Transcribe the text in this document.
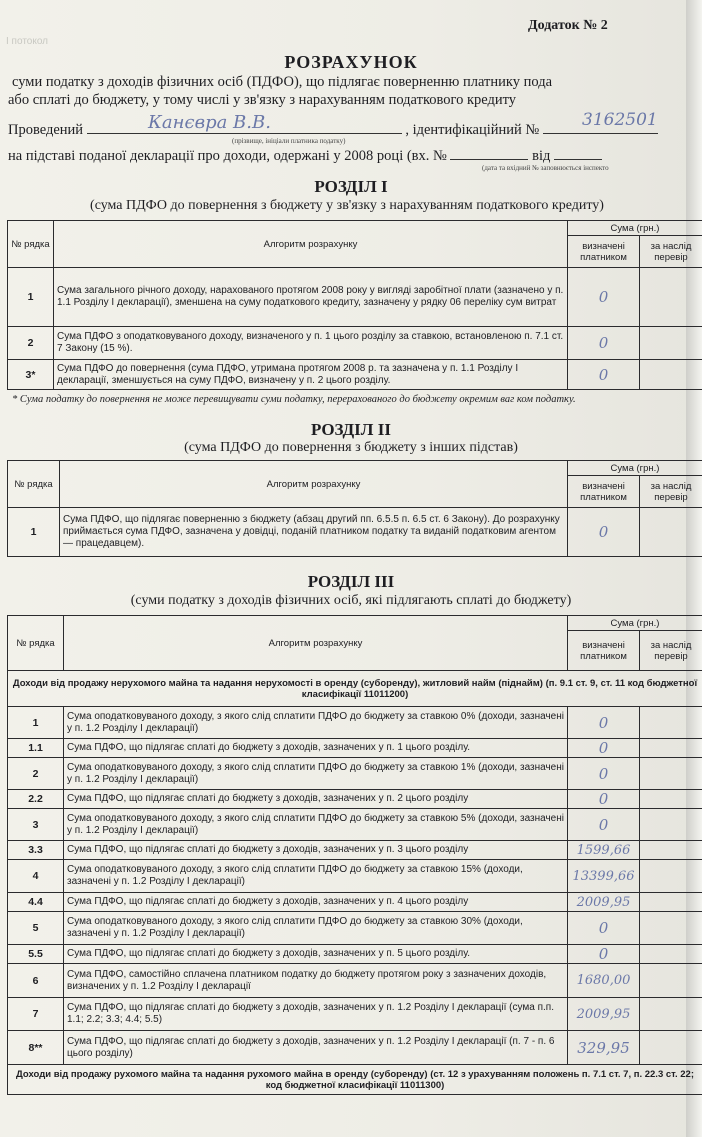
І потокол
Додаток № 2
РОЗРАХУНОК
суми податку з доходів фізичних осіб (ПДФО), що підлягає поверненню платнику пода
або сплаті до бюджету, у тому числі у зв'язку з нарахуванням податкового кредиту
Проведений	, ідентифікаційний №
Канєвра В.В.	3162501
(прізвище, ініціали платника податку)
на підставі поданої декларації про доходи, одержані у 2008 році (вх. №	від
(дата та вхідний № заповнюється інспекто
РОЗДІЛ І
(сума ПДФО до повернення з бюджету у зв'язку з нарахуванням податкового кредиту)
№ рядка	Алгоритм розрахунку	Сума (грн.)	
		визначені платником	за наслід перевір
1	Сума загального річного доходу, нарахованого протягом 2008 року у вигляді заробітної плати (зазначено у п. 1.1 Розділу І декларації), зменшена на суму податкового кредиту, зазначену у рядку 06 переліку сум витрат	0	
2	Сума ПДФО з оподатковуваного доходу, визначеного у п. 1 цього розділу за ставкою, встановленою п. 7.1 ст. 7 Закону (15 %).	0	
3*	Сума ПДФО до повернення (сума ПДФО, утримана протягом 2008 р. та зазначена у п. 1.1 Розділу І декларації, зменшується на суму ПДФО, визначену у п. 2 цього розділу.	0	
* Сума податку до повернення не може перевищувати суми податку, перерахованого до бюджету окремим ваг ком податку.
РОЗДІЛ ІІ
(сума ПДФО до повернення з бюджету з інших підстав)
№ рядка	Алгоритм розрахунку	Сума (грн.)	
		визначені платником	за наслід перевір
1	Сума ПДФО, що підлягає поверненню з бюджету (абзац другий пп. 6.5.5 п. 6.5 ст. 6 Закону). До розрахунку приймається сума ПДФО, зазначена у довідці, поданій платником податку та виданій податковим агентом — працедавцем).	0	
РОЗДІЛ ІІІ
(суми податку з доходів фізичних осіб, які підлягають сплаті до бюджету)
№ рядка	Алгоритм розрахунку	Сума (грн.)	
		визначені платником	за наслід перевір
Доходи від продажу нерухомого майна та надання нерухомості в оренду (суборенду), житловий найм (піднайм) (п. 9.1 ст. 9, ст. 11 код бюджетної класифікації 11011200)			
1	Сума оподатковуваного доходу, з якого слід сплатити ПДФО до бюджету за ставкою 0% (доходи, зазначені у п. 1.2 Розділу І декларації)	0	
1.1	Сума ПДФО, що підлягає сплаті до бюджету з доходів, зазначених у п. 1 цього розділу.	0	
2	Сума оподатковуваного доходу, з якого слід сплатити ПДФО до бюджету за ставкою 1% (доходи, зазначені у п. 1.2 Розділу І декларації)	0	
2.2	Сума ПДФО, що підлягає сплаті до бюджету з доходів, зазначених у п. 2 цього розділу	0	
3	Сума оподатковуваного доходу, з якого слід сплатити ПДФО до бюджету за ставкою 5% (доходи, зазначені у п. 1.2 Розділу І декларації)	0	
3.3	Сума ПДФО, що підлягає сплаті до бюджету з доходів, зазначених у п. 3 цього розділу	1599,66	
4	Сума оподатковуваного доходу, з якого слід сплатити ПДФО до бюджету за ставкою 15% (доходи, зазначені у п. 1.2 Розділу І декларації)	13399,66	
4.4	Сума ПДФО, що підлягає сплаті до бюджету з доходів, зазначених у п. 4 цього розділу	2009,95	
5	Сума оподатковуваного доходу, з якого слід сплатити ПДФО до бюджету за ставкою 30% (доходи, зазначені у п. 1.2 Розділу І декларації)	0	
5.5	Сума ПДФО, що підлягає сплаті до бюджету з доходів, зазначених у п. 5 цього розділу.	0	
6	Сума ПДФО, самостійно сплачена платником податку до бюджету протягом року з зазначених доходів, визначених у п. 1.2 Розділу І декларації	1680,00	
7	Сума ПДФО, що підлягає сплаті до бюджету з доходів, зазначених у п. 1.2 Розділу І декларації (сума п.п. 1.1; 2.2; 3.3; 4.4; 5.5)	2009,95	
8**	Сума ПДФО, що підлягає сплаті до бюджету з доходів, зазначених у п. 1.2 Розділу І декларації (п. 7 - п. 6 цього розділу)	329,95	
Доходи від продажу рухомого майна та надання рухомого майна в оренду (суборенду) (ст. 12 з урахуванням положень п. 7.1 ст. 7, п. 22.3 ст. 22; код бюджетної класифікації 11011300)			
